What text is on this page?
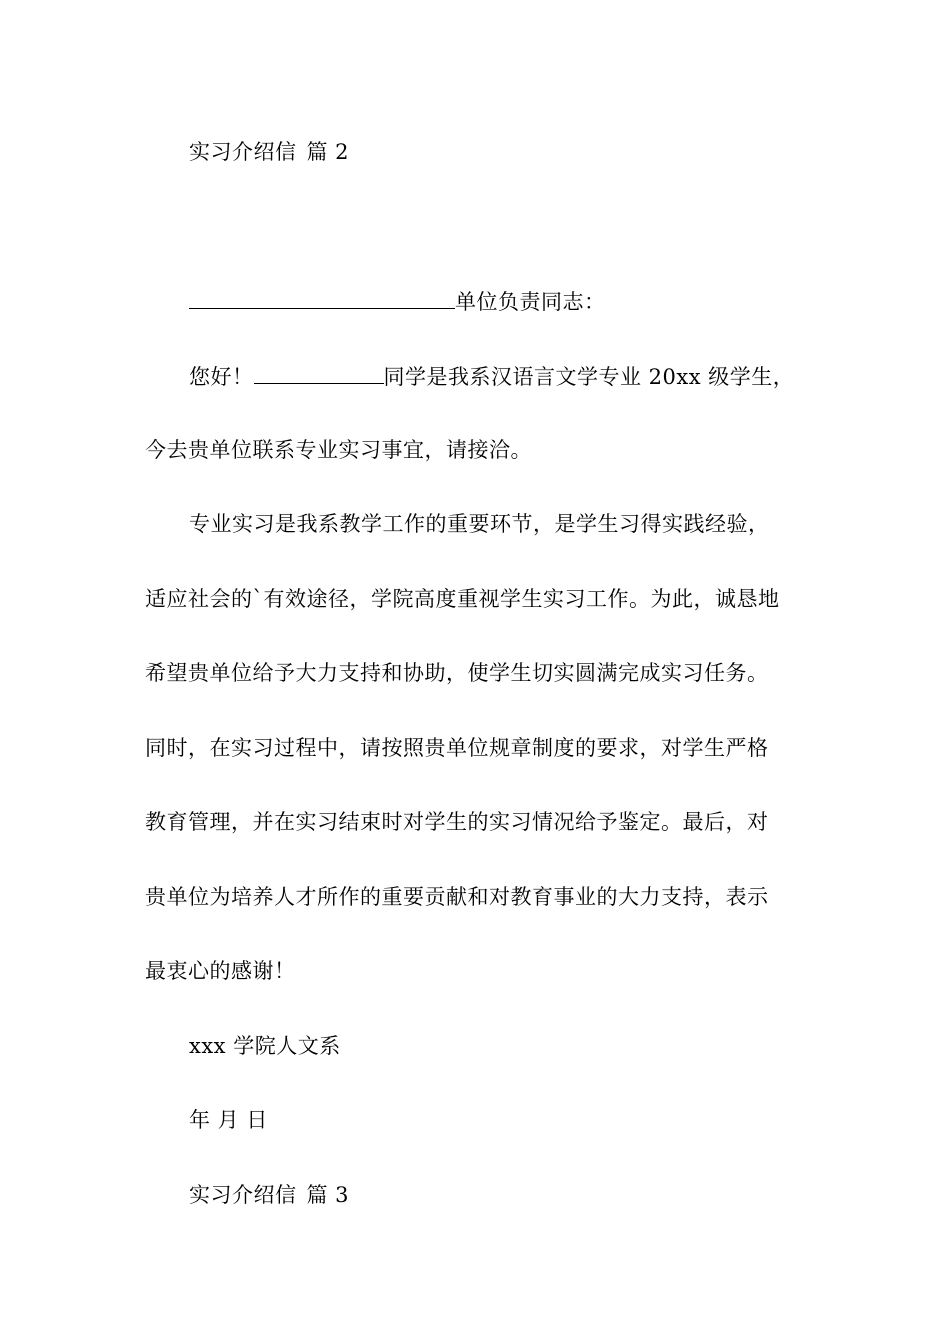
实习介绍信 篇 2
单位负责同志：
您好！	同学是我系汉语言文学专业 20xx 级学生，
今去贵单位联系专业实习事宜，请接洽。
专业实习是我系教学工作的重要环节，是学生习得实践经验，
适应社会的`有效途径，学院高度重视学生实习工作。为此，诚恳地
希望贵单位给予大力支持和协助，使学生切实圆满完成实习任务。
同时，在实习过程中，请按照贵单位规章制度的要求，对学生严格
教育管理，并在实习结束时对学生的实习情况给予鉴定。最后，对
贵单位为培养人才所作的重要贡献和对教育事业的大力支持，表示
最衷心的感谢！
xxx 学院人文系
年 月 日
实习介绍信 篇 3
